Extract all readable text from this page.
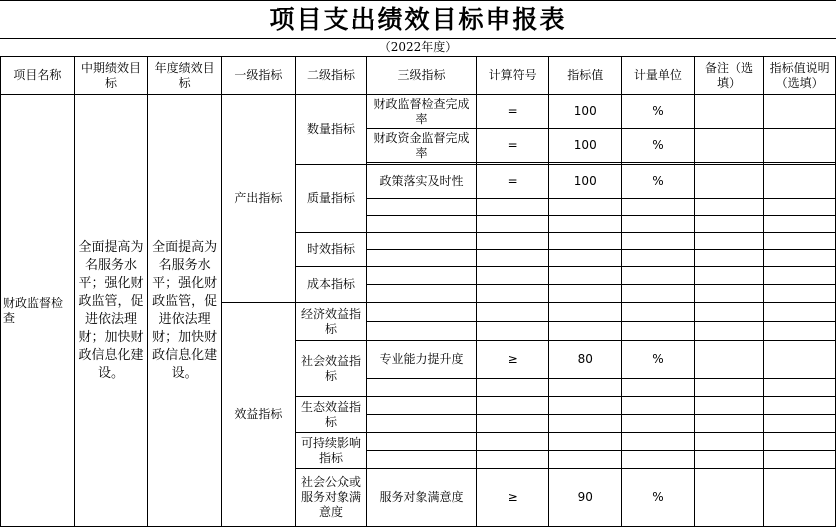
项目支出绩效目标申报表
（2022年度）
项目名称	中期绩效目标	年度绩效目标	一级指标	二级指标	三级指标	计算符号	指标值	计量单位	备注（选填）	指标值说明（选填）
财政监督检查	全面提高为名服务水平；强化财政监管，促进依法理财；加快财政信息化建设。	全面提高为名服务水平；强化财政监管，促进依法理财；加快财政信息化建设。	产出指标	数量指标	财政监督检查完成率	=	100	%		
					财政资金监督完成率	=	100	%		

				质量指标	政策落实及时性	=	100	%		

				时效指标						

				成本指标						

			效益指标	经济效益指标						

				社会效益指标	专业能力提升度	≥	80	%		

				生态效益指标						

				可持续影响指标						

				社会公众或服务对象满意度	服务对象满意度	≥	90	%		
